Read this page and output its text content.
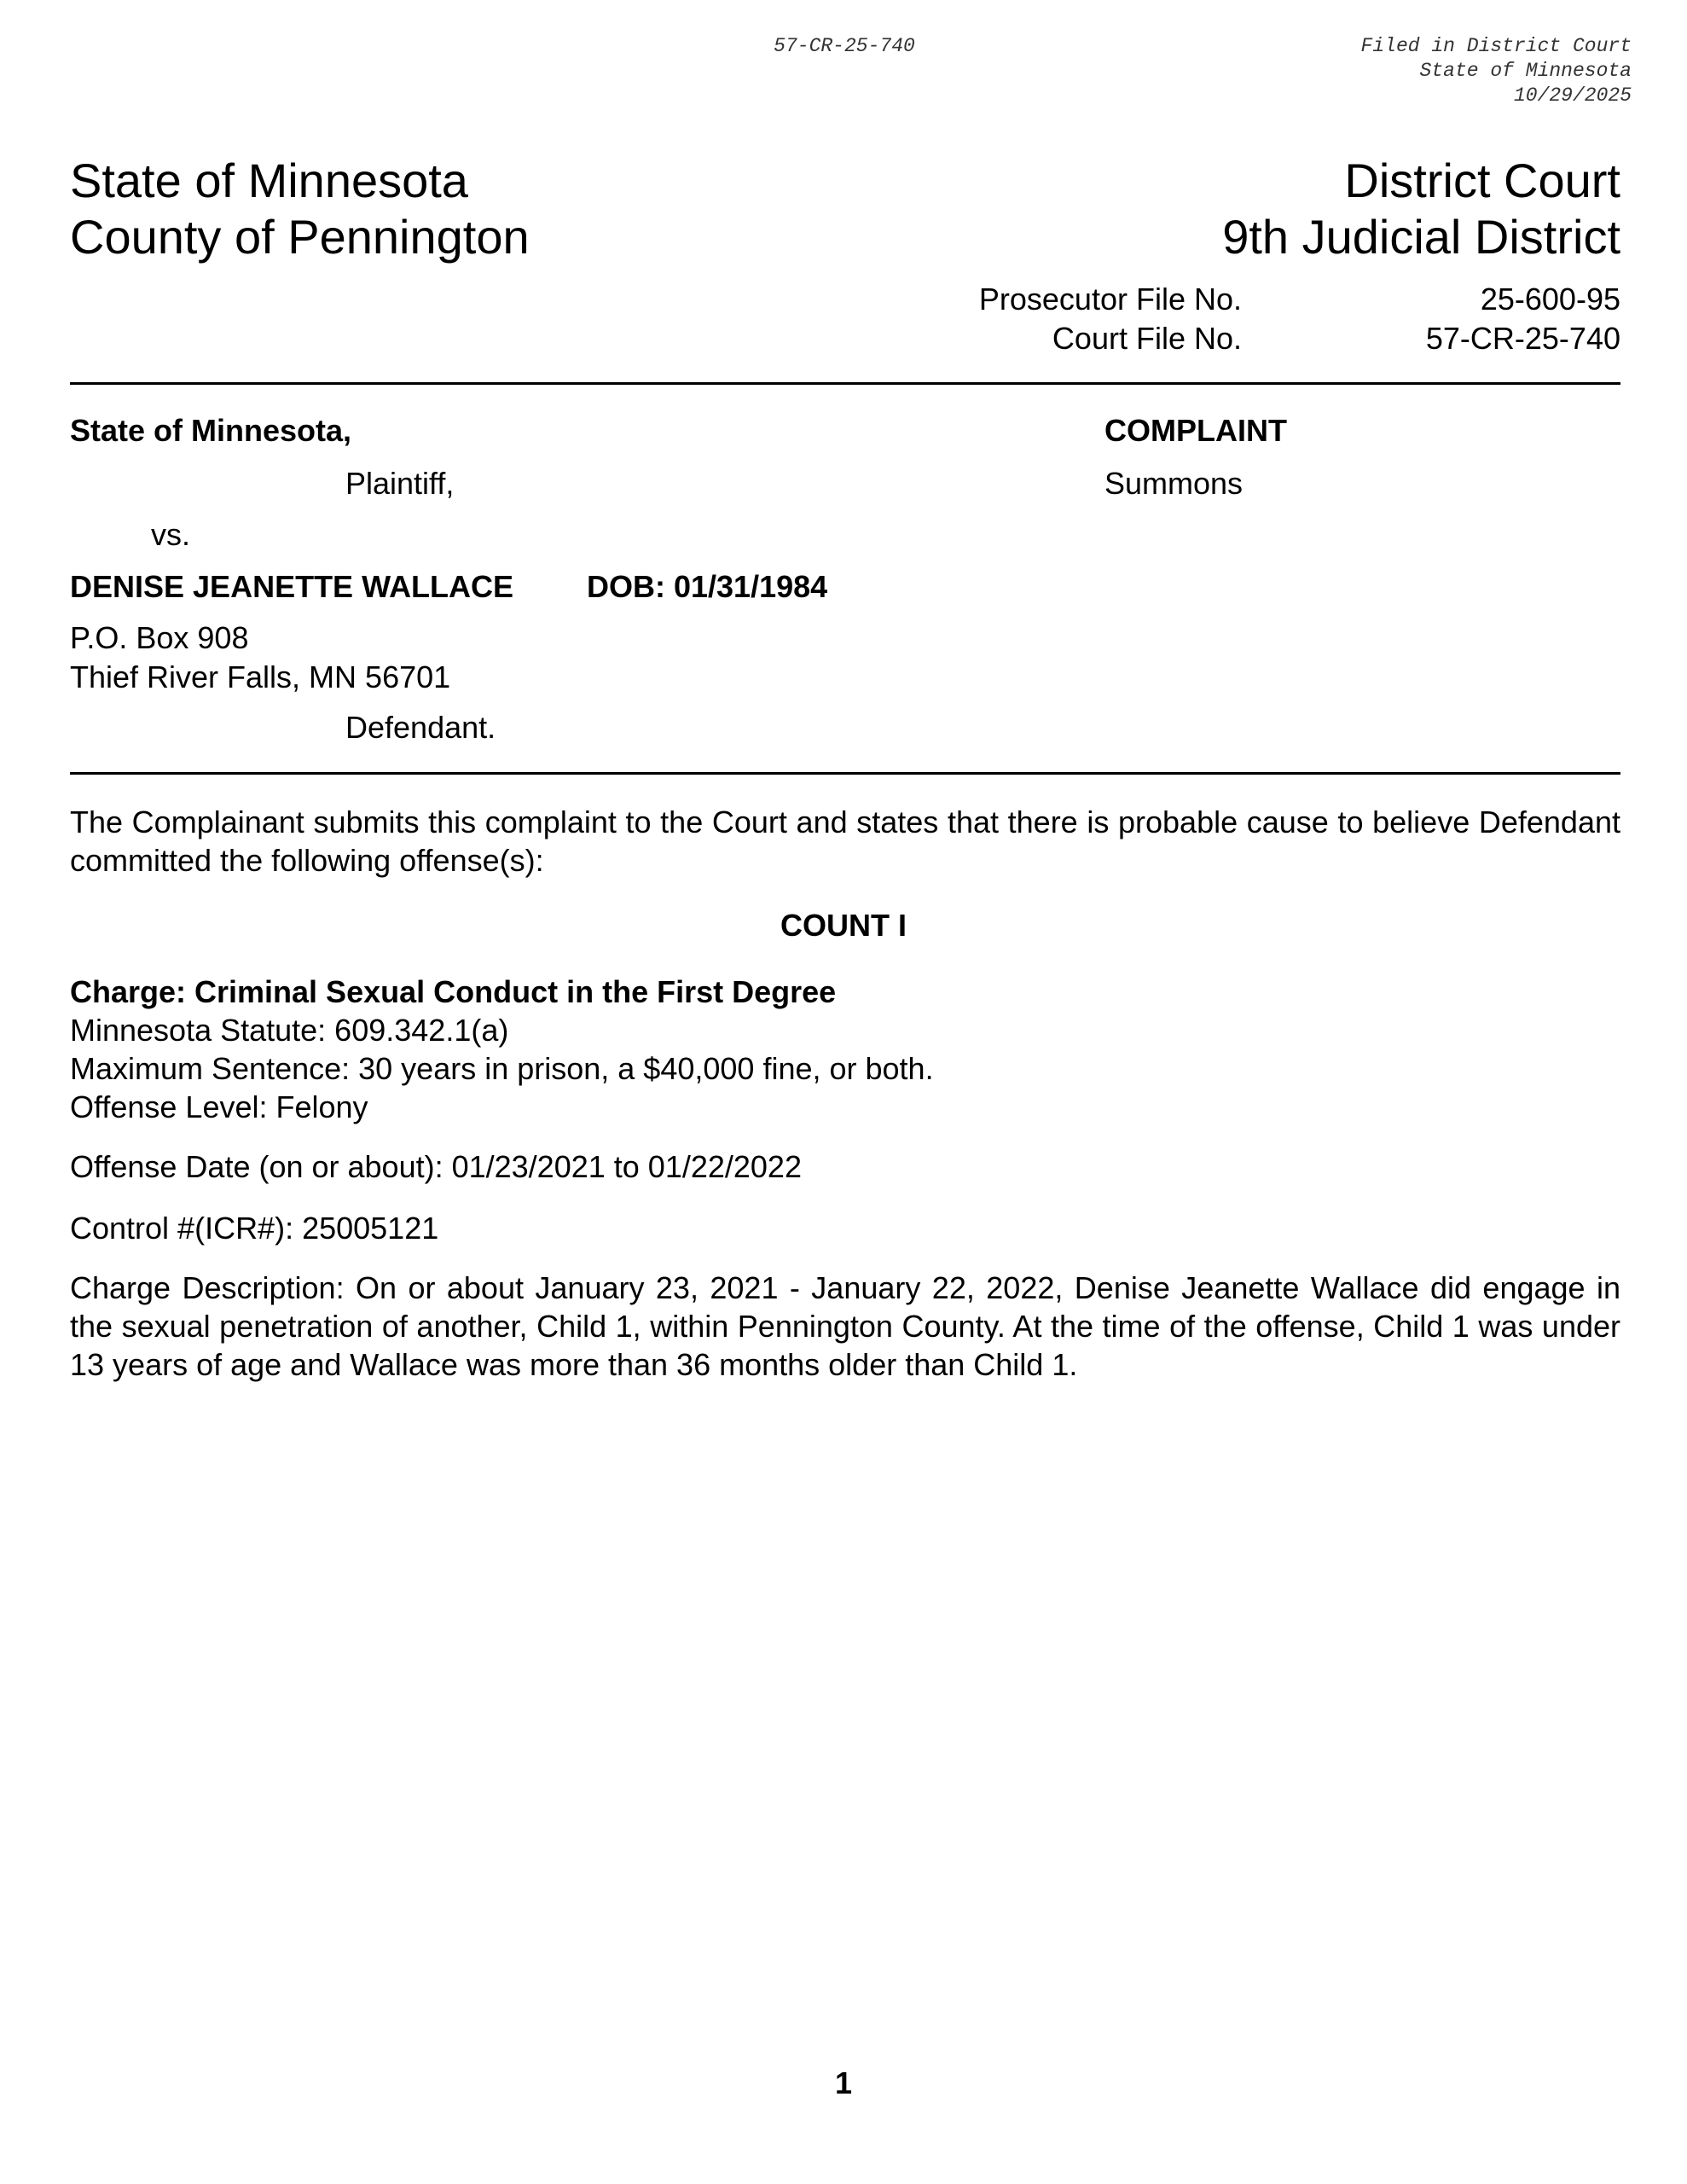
57-CR-25-740	Filed in District Court
State of Minnesota
10/29/2025
State of Minnesota
County of Pennington
District Court
9th Judicial District
Prosecutor File No.	25-600-95
Court File No.	57-CR-25-740
State of Minnesota,	COMPLAINT
Plaintiff,	Summons
vs.
DENISE JEANETTE WALLACE DOB: 01/31/1984
P.O. Box 908
Thief River Falls, MN 56701
Defendant.
The Complainant submits this complaint to the Court and states that there is probable cause to believe Defendant committed the following offense(s):
COUNT I
Charge: Criminal Sexual Conduct in the First Degree
Minnesota Statute: 609.342.1(a)
Maximum Sentence: 30 years in prison, a $40,000 fine, or both.
Offense Level: Felony
Offense Date (on or about): 01/23/2021 to 01/22/2022
Control #(ICR#): 25005121
Charge Description: On or about January 23, 2021 - January 22, 2022, Denise Jeanette Wallace did engage in the sexual penetration of another, Child 1, within Pennington County. At the time of the offense, Child 1 was under 13 years of age and Wallace was more than 36 months older than Child 1.
1
